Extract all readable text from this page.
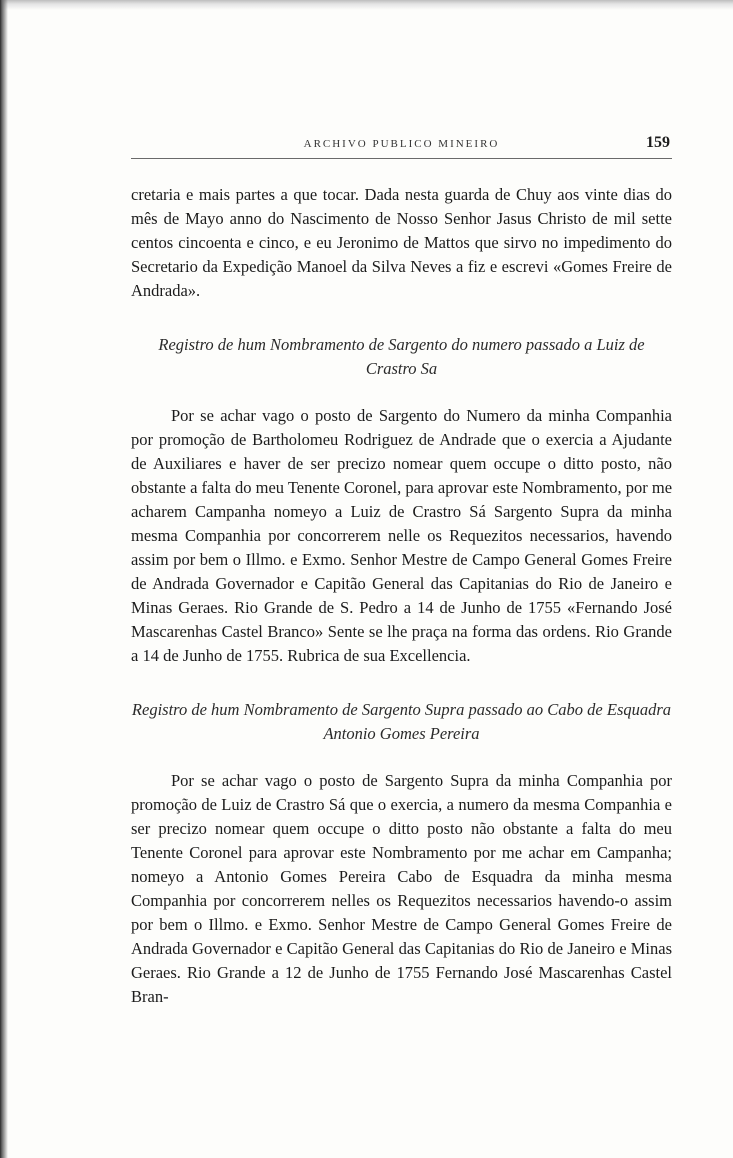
ARCHIVO PUBLICO MINEIRO	159

cretaria e mais partes a que tocar. Dada nesta guarda de Chuy aos vinte dias do mês de Mayo anno do Nascimento de Nosso Senhor Jasus Christo de mil sette centos cincoenta e cinco, e eu Jeronimo de Mattos que sirvo no impedimento do Secretario da Expedição Manoel da Silva Neves a fiz e escrevi «Gomes Freire de Andrada».

Registro de hum Nombramento de Sargento do numero passado a Luiz de Crastro Sa

Por se achar vago o posto de Sargento do Numero da minha Companhia por promoção de Bartholomeu Rodriguez de Andrade que o exercia a Ajudante de Auxiliares e haver de ser precizo nomear quem occupe o ditto posto, não obstante a falta do meu Tenente Coronel, para aprovar este Nombramento, por me acharem Campanha nomeyo a Luiz de Crastro Sá Sargento Supra da minha mesma Companhia por concorrerem nelle os Requezitos necessarios, havendo assim por bem o Illmo. e Exmo. Senhor Mestre de Campo General Gomes Freire de Andrada Governador e Capitão General das Capitanias do Rio de Janeiro e Minas Geraes. Rio Grande de S. Pedro a 14 de Junho de 1755 «Fernando José Mascarenhas Castel Branco» Sente se lhe praça na forma das ordens. Rio Grande a 14 de Junho de 1755. Rubrica de sua Excellencia.

Registro de hum Nombramento de Sargento Supra passado ao Cabo de Esquadra Antonio Gomes Pereira

Por se achar vago o posto de Sargento Supra da minha Companhia por promoção de Luiz de Crastro Sá que o exercia, a numero da mesma Companhia e ser precizo nomear quem occupe o ditto posto não obstante a falta do meu Tenente Coronel para aprovar este Nombramento por me achar em Campanha; nomeyo a Antonio Gomes Pereira Cabo de Esquadra da minha mesma Companhia por concorrerem nelles os Requezitos necessarios havendo-o assim por bem o Illmo. e Exmo. Senhor Mestre de Campo General Gomes Freire de Andrada Governador e Capitão General das Capitanias do Rio de Janeiro e Minas Geraes. Rio Grande a 12 de Junho de 1755 Fernando José Mascarenhas Castel Bran-
